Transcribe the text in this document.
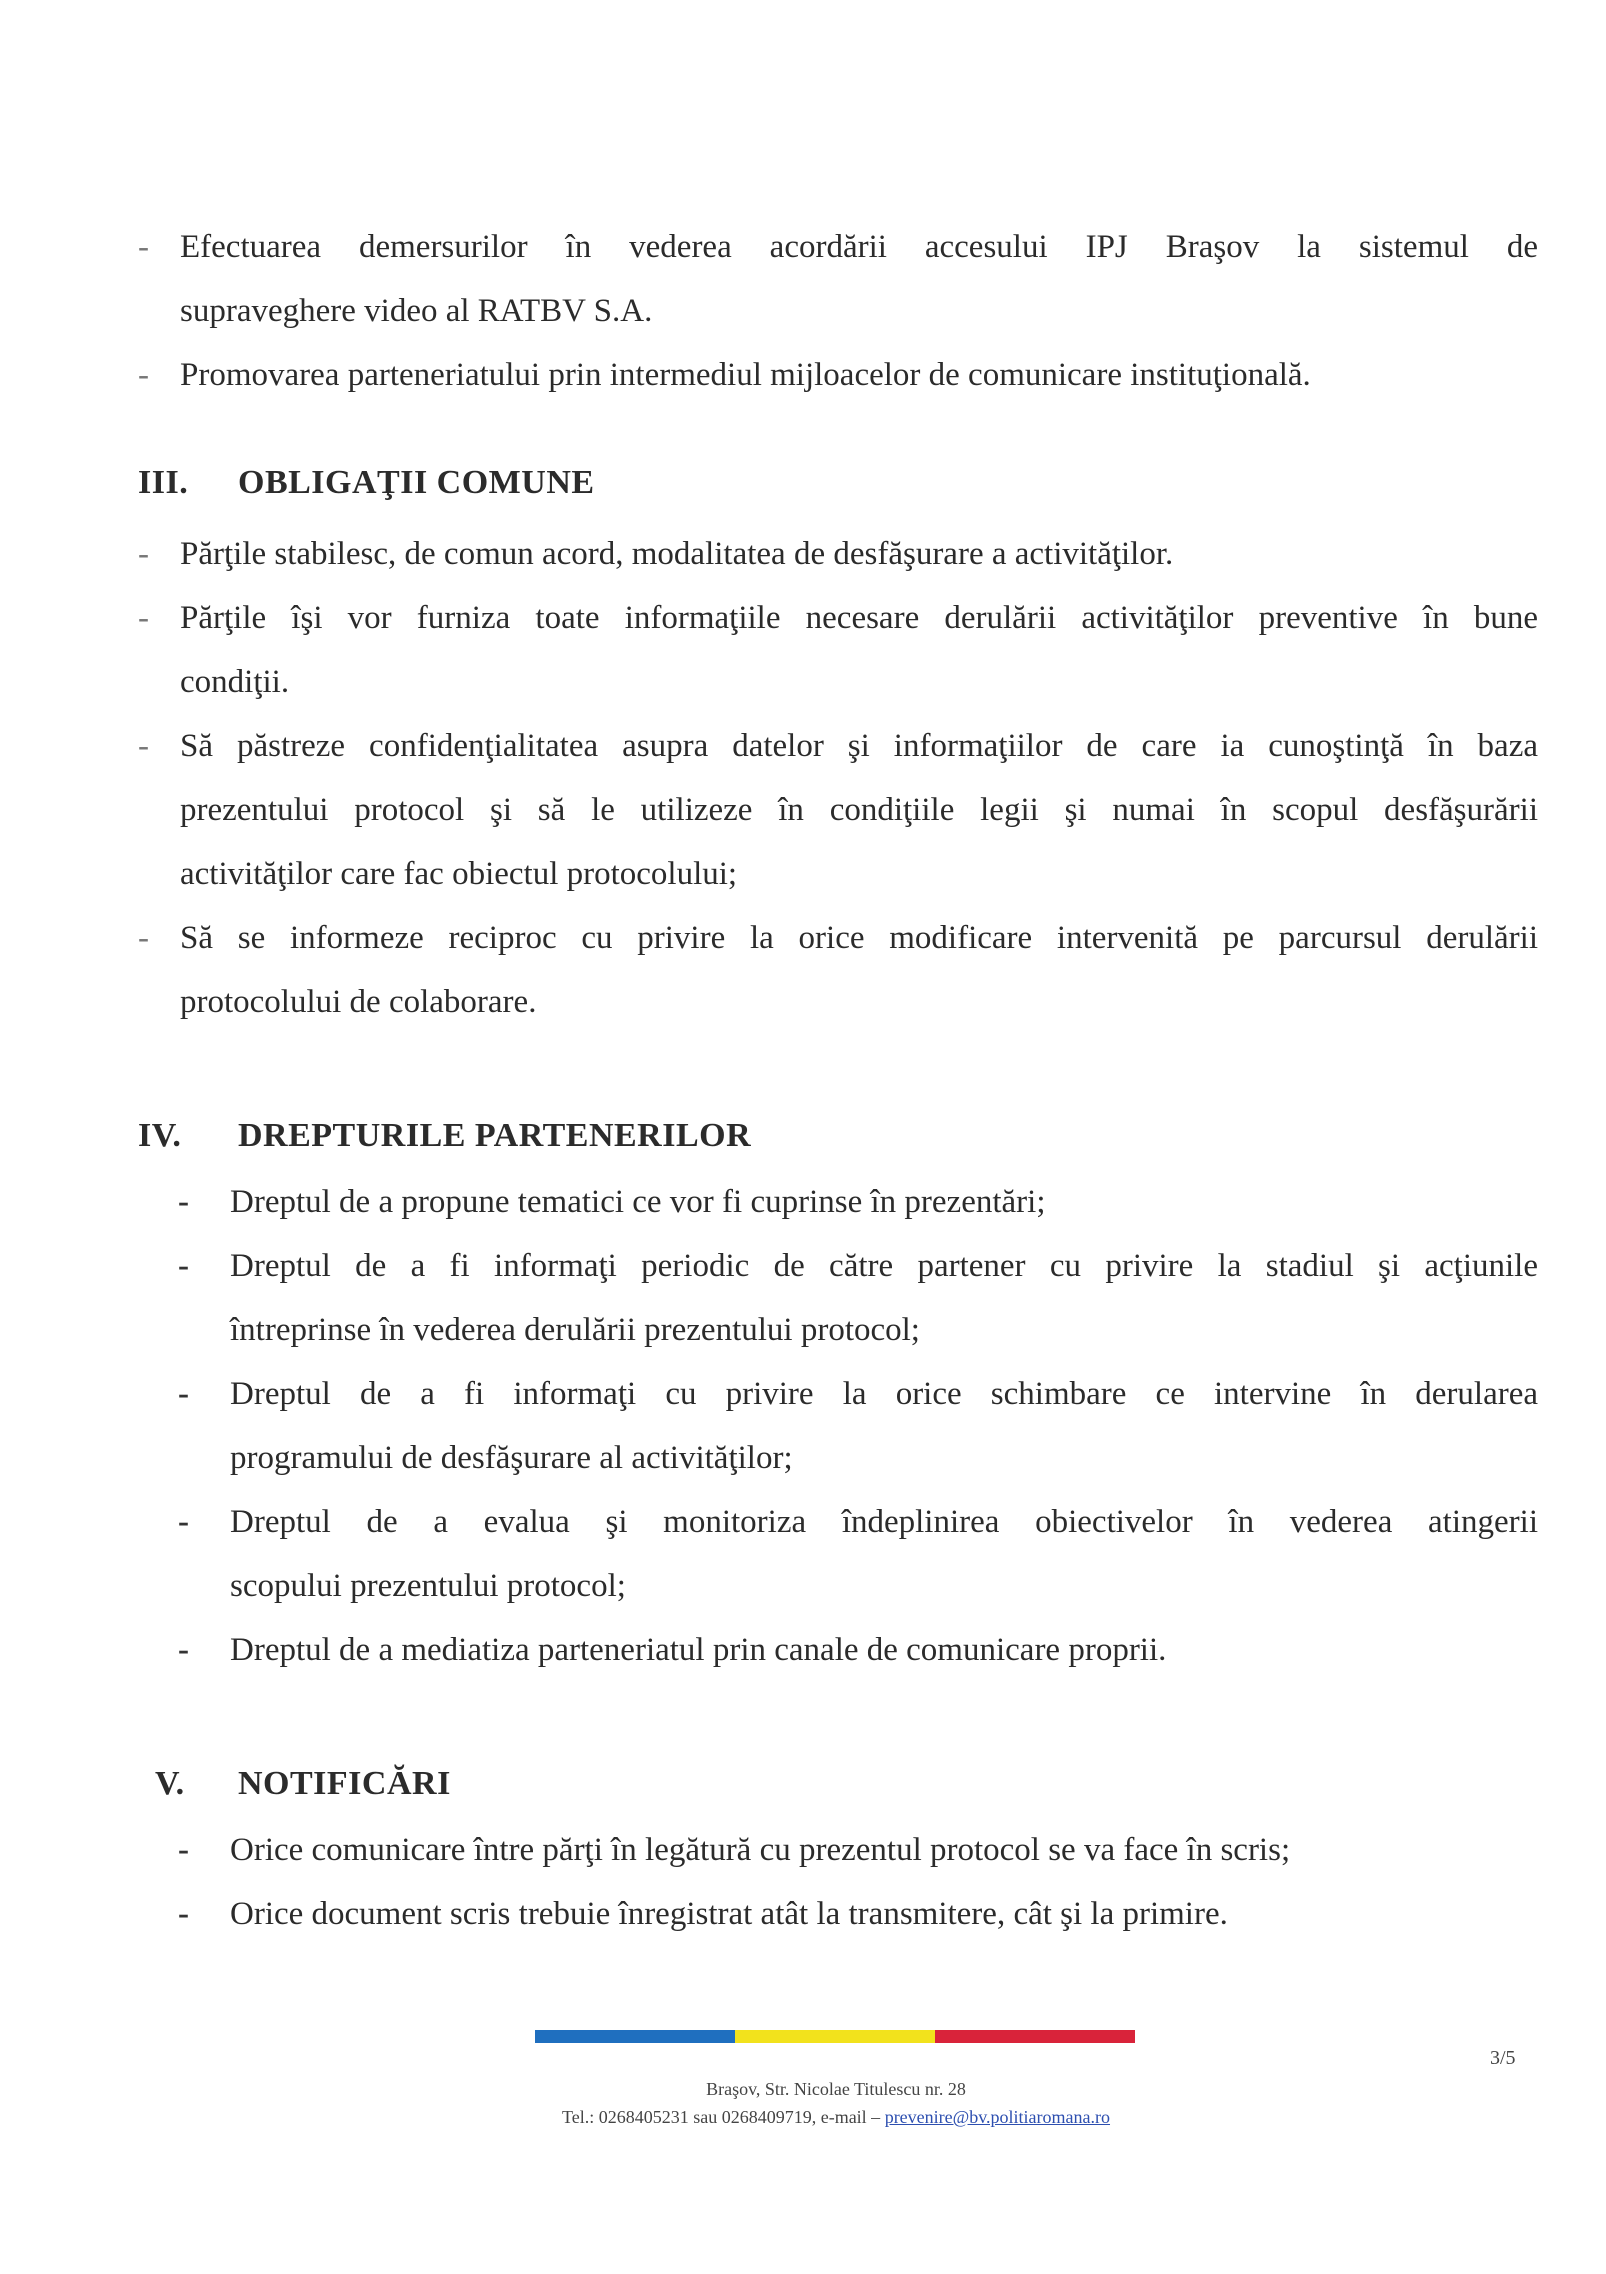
- Efectuarea demersurilor în vederea acordării accesului IPJ Braşov la sistemul de
supraveghere video al RATBV S.A.
- Promovarea parteneriatului prin intermediul mijloacelor de comunicare instituţională.
III. OBLIGAŢII COMUNE
- Părţile stabilesc, de comun acord, modalitatea de desfăşurare a activităţilor.
- Părţile îşi vor furniza toate informaţiile necesare derulării activităţilor preventive în bune
condiţii.
- Să păstreze confidenţialitatea asupra datelor şi informaţiilor de care ia cunoştinţă în baza
prezentului protocol şi să le utilizeze în condiţiile legii şi numai în scopul desfăşurării
activităţilor care fac obiectul protocolului;
- Să se informeze reciproc cu privire la orice modificare intervenită pe parcursul derulării
protocolului de colaborare.
IV. DREPTURILE PARTENERILOR
- Dreptul de a propune tematici ce vor fi cuprinse în prezentări;
- Dreptul de a fi informaţi periodic de către partener cu privire la stadiul şi acţiunile
întreprinse în vederea derulării prezentului protocol;
- Dreptul de a fi informaţi cu privire la orice schimbare ce intervine în derularea
programului de desfăşurare al activităţilor;
- Dreptul de a evalua şi monitoriza îndeplinirea obiectivelor în vederea atingerii
scopului prezentului protocol;
- Dreptul de a mediatiza parteneriatul prin canale de comunicare proprii.
V. NOTIFICĂRI
- Orice comunicare între părţi în legătură cu prezentul protocol se va face în scris;
- Orice document scris trebuie înregistrat atât la transmitere, cât şi la primire.
3/5
Braşov, Str. Nicolae Titulescu nr. 28
Tel.: 0268405231 sau 0268409719, e-mail – prevenire@bv.politiaromana.ro
